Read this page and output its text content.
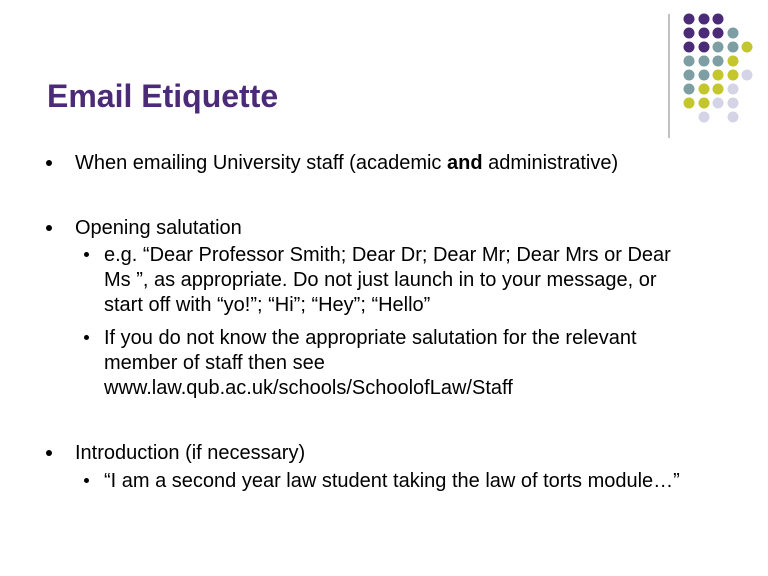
Email Etiquette
When emailing University staff (academic and administrative)
Opening salutation
e.g. “Dear Professor Smith; Dear Dr; Dear Mr; Dear Mrs or Dear
Ms ”, as appropriate. Do not just launch in to your message, or
start off with “yo!”; “Hi”; “Hey”; “Hello”
If you do not know the appropriate salutation for the relevant
member of staff then see
www.law.qub.ac.uk/schools/SchoolofLaw/Staff
Introduction (if necessary)
“I am a second year law student taking the law of torts module…”
